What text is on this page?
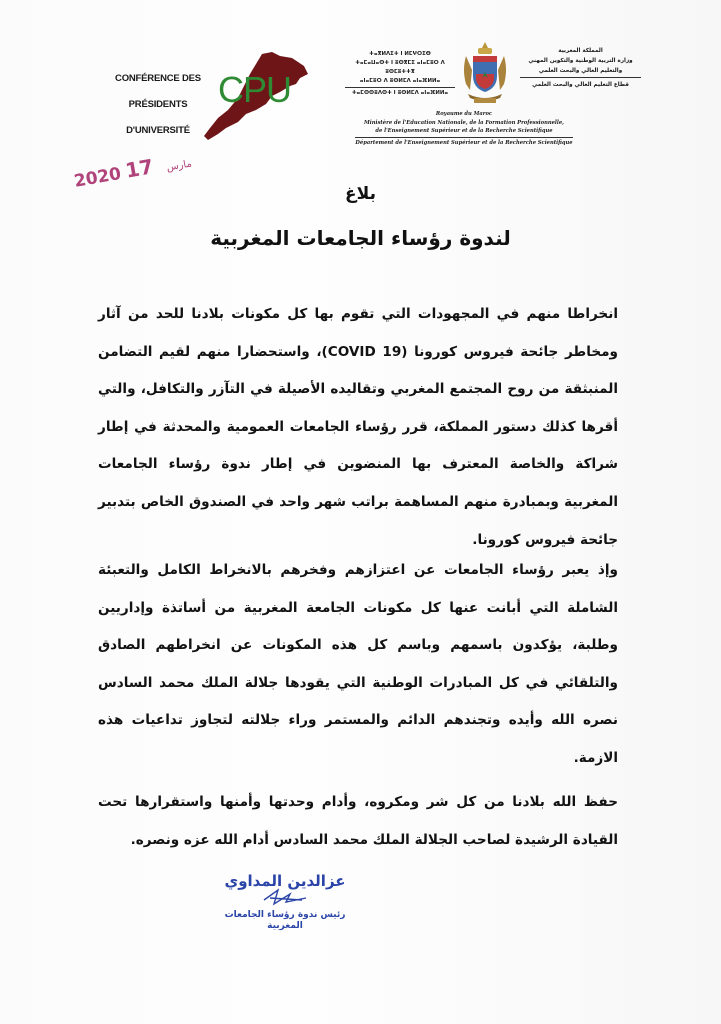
CONFÉRENCE DES PRÉSIDENTS
D'UNIVERSITÉ
CPU
ⵜⴰⴳⵍⴷⵉⵜ ⵏ ⵍⵎⵖⵔⵉⴱ
ⵜⴰⵎⴰⵡⴰⵙⵜ ⵏ ⵓⵙⴳⵎⵉ ⴰⵏⴰⵎⵓⵔ ⴷ ⵓⵙⵎⵓⵜⵜⴳ
ⴰⵏⴰⵎⵓⵔ ⴷ ⵓⵙⵍⵎⴷ ⴰⵏⴰⴼⵍⵍⴰ
ⵜⴰⵎⵙⵙⵓⴷⵙⵜ ⵏ ⵓⵙⵍⵎⴷ ⴰⵏⴰⴼⵍⵍⴰ
المملكة المغربية
وزارة التربية الوطنية والتكوين المهني
والتعليم العالي والبحث العلمي
قطاع التعليم العالي والبحث العلمي
Royaume du Maroc
Ministère de l'Education Nationale, de la Formation Professionnelle,
de l'Enseignement Supérieur et de la Recherche Scientifique
Département de l'Enseignement Supérieur et de la Recherche Scientifique
2020	مارس 17
بلاغ
لندوة رؤساء الجامعات المغربية

انخراطا منهم في المجهودات التي تقوم بها كل مكونات بلادنا للحد من آثار ومخاطر جائحة فيروس كورونا (COVID 19)، واستحضارا منهم لقيم التضامن المنبثقة من روح المجتمع المغربي وتقاليده الأصيلة في التآزر والتكافل، والتي أقرها كذلك دستور المملكة، قرر رؤساء الجامعات العمومية والمحدثة في إطار شراكة والخاصة المعترف بها المنضوين في إطار ندوة رؤساء الجامعات المغربية وبمبادرة منهم المساهمة براتب شهر واحد في الصندوق الخاص بتدبير جائحة فيروس كورونا.

وإذ يعبر رؤساء الجامعات عن اعتزازهم وفخرهم بالانخراط الكامل والتعبئة الشاملة التي أبانت عنها كل مكونات الجامعة المغربية من أساتذة وإداريين وطلبة، يؤكدون باسمهم وباسم كل هذه المكونات عن انخراطهم الصادق والتلقائي في كل المبادرات الوطنية التي يقودها جلالة الملك محمد السادس نصره الله وأيده وتجندهم الدائم والمستمر وراء جلالته لتجاوز تداعيات هذه الازمة.

حفظ الله بلادنا من كل شر ومكروه، وأدام وحدتها وأمنها واستقرارها تحت القيادة الرشيدة لصاحب الجلالة الملك محمد السادس أدام الله عزه ونصره.

عزالدين المداوي
رئيس ندوة رؤساء الجامعات
المغربية
